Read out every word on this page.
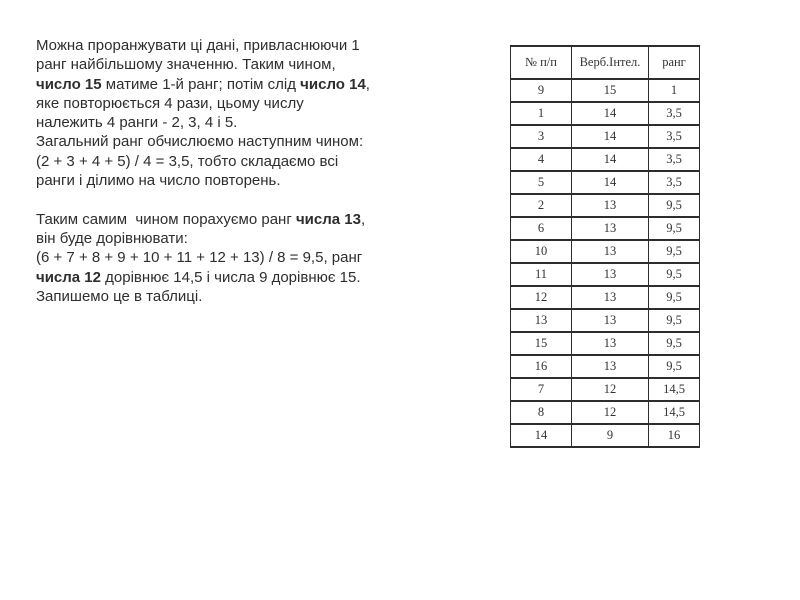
Можна проранжувати ці дані, привласнюючи 1
ранг найбільшому значенню. Таким чином,
число 15 матиме 1-й ранг; потім слід число 14,
яке повторюється 4 рази, цьому числу
належить 4 ранги - 2, 3, 4 і 5.
Загальний ранг обчислюємо наступним чином:
(2 + 3 + 4 + 5) / 4 = 3,5, тобто складаємо всі
ранги і ділимо на число повторень.
Таким самим  чином порахуємо ранг числа 13,
він буде дорівнювати:
(6 + 7 + 8 + 9 + 10 + 11 + 12 + 13) / 8 = 9,5, ранг
числа 12 дорівнює 14,5 і числа 9 дорівнює 15.
Запишемо це в таблиці.
№ п/п	Верб.Інтел.	ранг
9	15	1
1	14	3,5
3	14	3,5
4	14	3,5
5	14	3,5
2	13	9,5
6	13	9,5
10	13	9,5
11	13	9,5
12	13	9,5
13	13	9,5
15	13	9,5
16	13	9,5
7	12	14,5
8	12	14,5
14	9	16
